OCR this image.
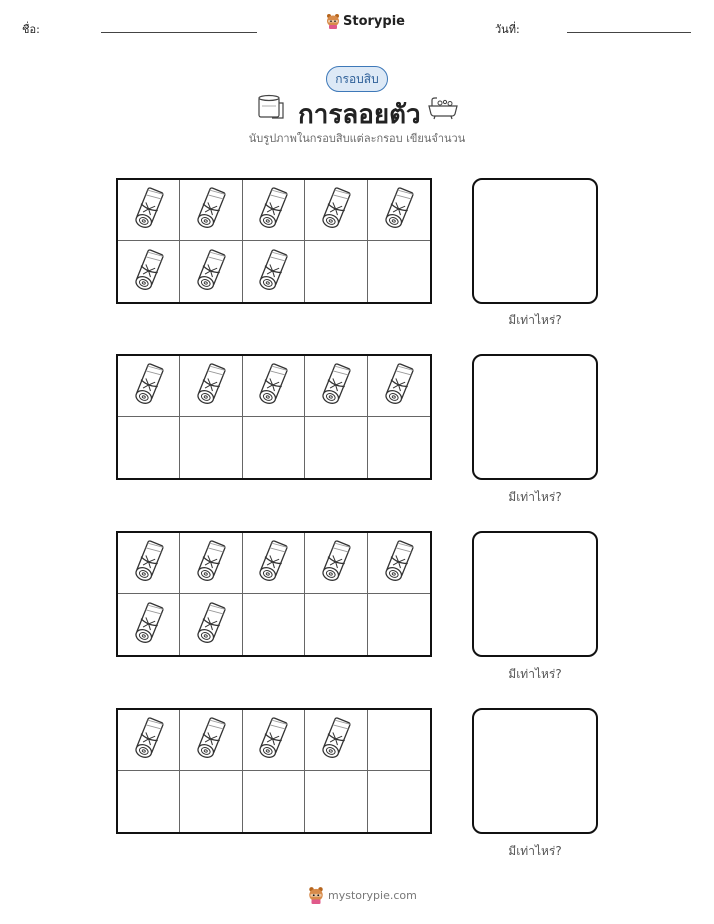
ชื่อ:
Storypie
วันที่:
กรอบสิบ
การลอยตัว
นับรูปภาพในกรอบสิบแต่ละกรอบ เขียนจำนวน
มีเท่าไหร่?
มีเท่าไหร่?
มีเท่าไหร่?
มีเท่าไหร่?
mystorypie.com
